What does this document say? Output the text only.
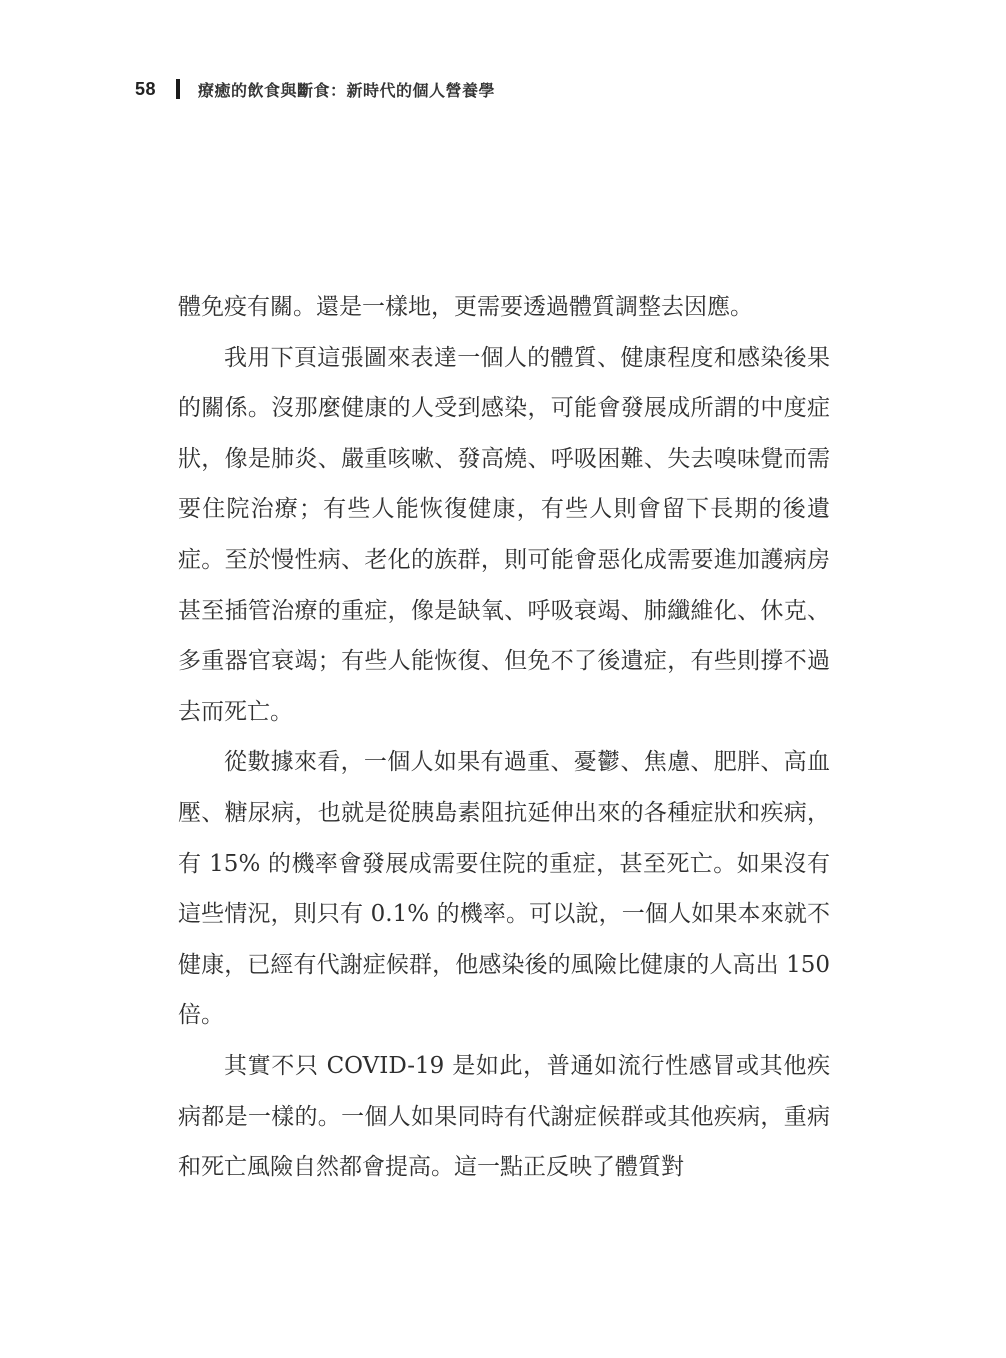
58	療癒的飲食與斷食：新時代的個人營養學

體免疫有關。還是一樣地，更需要透過體質調整去因應。

我用下頁這張圖來表達一個人的體質、健康程度和感染後果的關係。沒那麼健康的人受到感染，可能會發展成所謂的中度症狀，像是肺炎、嚴重咳嗽、發高燒、呼吸困難、失去嗅味覺而需要住院治療；有些人能恢復健康，有些人則會留下長期的後遺症。至於慢性病、老化的族群，則可能會惡化成需要進加護病房甚至插管治療的重症，像是缺氧、呼吸衰竭、肺纖維化、休克、多重器官衰竭；有些人能恢復、但免不了後遺症，有些則撐不過去而死亡。

從數據來看，一個人如果有過重、憂鬱、焦慮、肥胖、高血壓、糖尿病，也就是從胰島素阻抗延伸出來的各種症狀和疾病，有 15% 的機率會發展成需要住院的重症，甚至死亡。如果沒有這些情況，則只有 0.1% 的機率。可以說，一個人如果本來就不健康，已經有代謝症候群，他感染後的風險比健康的人高出 150 倍。

其實不只 COVID-19 是如此，普通如流行性感冒或其他疾病都是一樣的。一個人如果同時有代謝症候群或其他疾病，重病和死亡風險自然都會提高。這一點正反映了體質對
